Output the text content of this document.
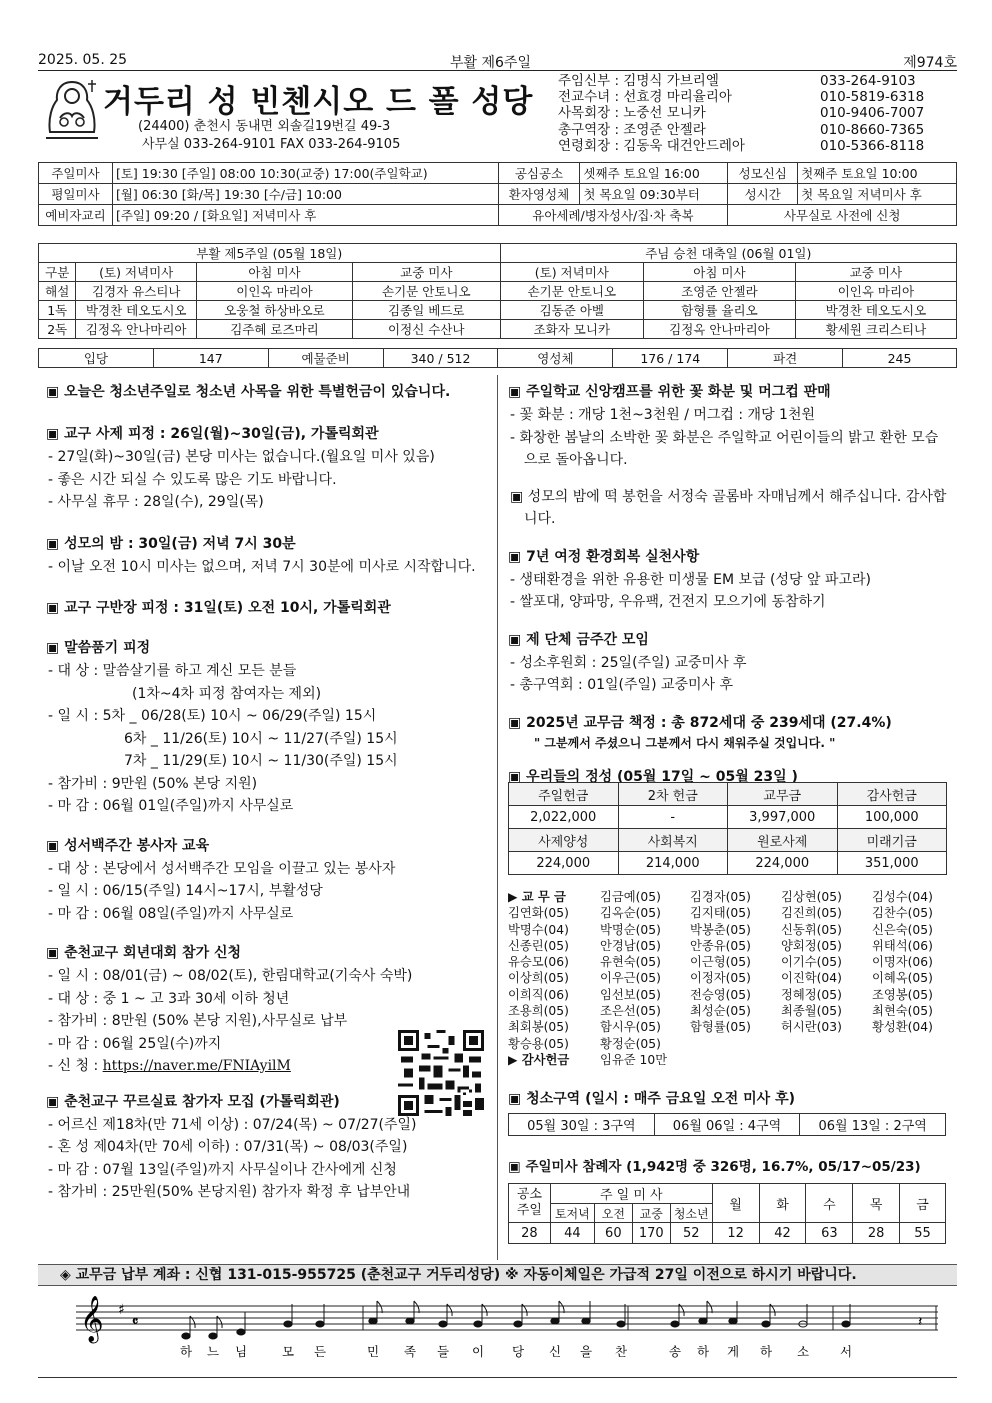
2025. 05. 25	부활 제6주일	제974호
거두리 성 빈첸시오 드 폴 성당
(24400) 춘천시 동내면 외솔길19번길 49-3
사무실 033-264-9101 FAX 033-264-9105
주임신부 : 김명식 가브리엘	033-264-9103
전교수녀 : 선효경 마리율리아	010-5819-6318
사목회장 : 노중선 모니카	010-9406-7007
총구역장 : 조영준 안젤라	010-8660-7365
연령회장 : 김동욱 대건안드레아	010-5366-8118
주일미사	[토] 19:30 [주일] 08:00 10:30(교중) 17:00(주일학교)	공심공소	셋째주 토요일 16:00	성모신심	첫째주 토요일 10:00
평일미사	[월] 06:30 [화/목] 19:30 [수/금] 10:00	환자영성체	첫 목요일 09:30부터	성시간	첫 목요일 저녁미사 후
예비자교리	[주일] 09:20 / [화요일] 저녁미사 후	유아세례/병자성사/집·차 축복		사무실로 사전에 신청	
부활 제5주일 (05월 18일)				주님 승천 대축일 (06월 01일)		
구분	(토) 저녁미사	아침 미사	교중 미사	(토) 저녁미사	아침 미사	교중 미사
해설	김경자 유스티나	이인옥 마리아	손기문 안토니오	손기문 안토니오	조영준 안젤라	이인옥 마리아
1독	박경찬 테오도시오	오웅철 하상바오로	김종일 베드로	김동준 아벨	함형률 율리오	박경찬 테오도시오
2독	김정옥 안나마리아	김주혜 로즈마리	이정신 수산나	조화자 모니카	김정옥 안나마리아	황세원 크리스티나
입당	147	예물준비	340 / 512	영성체	176 / 174	파견	245
▣ 오늘은 청소년주일로 청소년 사목을 위한 특별헌금이 있습니다.
▣ 교구 사제 피정 : 26일(월)~30일(금), 가톨릭회관
- 27일(화)~30일(금) 본당 미사는 없습니다.(월요일 미사 있음)
- 좋은 시간 되실 수 있도록 많은 기도 바랍니다.
- 사무실 휴무 : 28일(수), 29일(목)
▣ 성모의 밤 : 30일(금) 저녁 7시 30분
- 이날 오전 10시 미사는 없으며, 저녁 7시 30분에 미사로 시작합니다.
▣ 교구 구반장 피정 : 31일(토) 오전 10시, 가톨릭회관
▣ 말씀품기 피정
- 대 상 : 말씀살기를 하고 계신 모든 분들
(1차~4차 피정 참여자는 제외)
- 일 시 : 5차 _ 06/28(토) 10시 ~ 06/29(주일) 15시
6차 _ 11/26(토) 10시 ~ 11/27(주일) 15시
7차 _ 11/29(토) 10시 ~ 11/30(주일) 15시
- 참가비 : 9만원 (50% 본당 지원)
- 마 감 : 06월 01일(주일)까지 사무실로
▣ 성서백주간 봉사자 교육
- 대 상 : 본당에서 성서백주간 모임을 이끌고 있는 봉사자
- 일 시 : 06/15(주일) 14시~17시, 부활성당
- 마 감 : 06월 08일(주일)까지 사무실로
▣ 춘천교구 회년대회 참가 신청
- 일 시 : 08/01(금) ~ 08/02(토), 한림대학교(기숙사 숙박)
- 대 상 : 중 1 ~ 고 3과 30세 이하 청년
- 참가비 : 8만원 (50% 본당 지원),사무실로 납부
- 마 감 : 06월 25일(수)까지
- 신 청 : https://naver.me/FNIAyilM
▣ 춘천교구 꾸르실료 참가자 모집 (가톨릭회관)
- 어르신 제18차(만 71세 이상) : 07/24(목) ~ 07/27(주일)
- 혼 성 제04차(만 70세 이하) : 07/31(목) ~ 08/03(주일)
- 마 감 : 07월 13일(주일)까지 사무실이나 간사에게 신청
- 참가비 : 25만원(50% 본당지원) 참가자 확정 후 납부안내
▣ 주일학교 신앙캠프를 위한 꽃 화분 및 머그컵 판매
- 꽃 화분 : 개당 1천~3천원 / 머그컵 : 개당 1천원
- 화창한 봄날의 소박한 꽃 화분은 주일학교 어린이들의 밝고 환한 모습으로 돌아옵니다.
▣ 성모의 밤에 떡 봉헌을 서정숙 골롬바 자매님께서 해주십니다. 감사합니다.
▣ 7년 여정 환경회복 실천사항
- 생태환경을 위한 유용한 미생물 EM 보급 (성당 앞 파고라)
- 쌀포대, 양파망, 우유팩, 건전지 모으기에 동참하기
▣ 제 단체 금주간 모임
- 성소후원회 : 25일(주일) 교중미사 후
- 총구역회 : 01일(주일) 교중미사 후
▣ 2025년 교무금 책정 : 총 872세대 중 239세대 (27.4%)
" 그분께서 주셨으니 그분께서 다시 채워주실 것입니다. "
▣ 우리들의 정성 (05월 17일 ~ 05월 23일 )
주일헌금	2차 헌금	교무금	감사헌금
2,022,000	-	3,997,000	100,000
사제양성	사회복지	원로사제	미래기금
224,000	214,000	224,000	351,000
▶ 교 무 금	김금예(05) 김경자(05) 김상현(05) 김성수(04)
김연화(05)	김옥순(05) 김지태(05) 김진희(05) 김찬수(05)
박명수(04)	박명순(05) 박봉춘(05) 신동휘(05) 신은숙(05)
신종린(05)	안경남(05) 안종유(05) 양회정(05) 위태석(06)
유승모(06)	유현숙(05) 이근형(05) 이기수(05) 이명자(06)
이상희(05)	이우근(05) 이정자(05) 이진학(04) 이혜옥(05)
이희직(06)	임선보(05) 전승영(05) 정혜정(05) 조영봉(05)
조용희(05)	조은선(05) 최성순(05) 최종월(05) 최현숙(05)
최회봉(05)	함시우(05) 함형률(05) 허시란(03) 황성환(04)
황승용(05)	황정순(05)
▶ 감사헌금 임유준 10만
▣ 청소구역 (일시 : 매주 금요일 오전 미사 후)
05월 30일 : 3구역	06월 06일 : 4구역	06월 13일 : 2구역
▣ 주일미사 참례자 (1,942명 중 326명, 16.7%, 05/17~05/23)
공소
주일	주 일 미 사				월	화	수	목	금
	토저녁	오전	교중	청소년					
28	44	60	170	52	12	42	63	28	55
◈ 교무금 납부 계좌 : 신협 131-015-955725 (춘천교구 거두리성당) ※ 자동이체일은 가급적 27일 이전으로 하시기 바랍니다.
𝄞 ♯
𝄴	𝄽
하 느 님	모 든	민 족 들 이 당 신 을 찬	송 하 게 하 소 서
